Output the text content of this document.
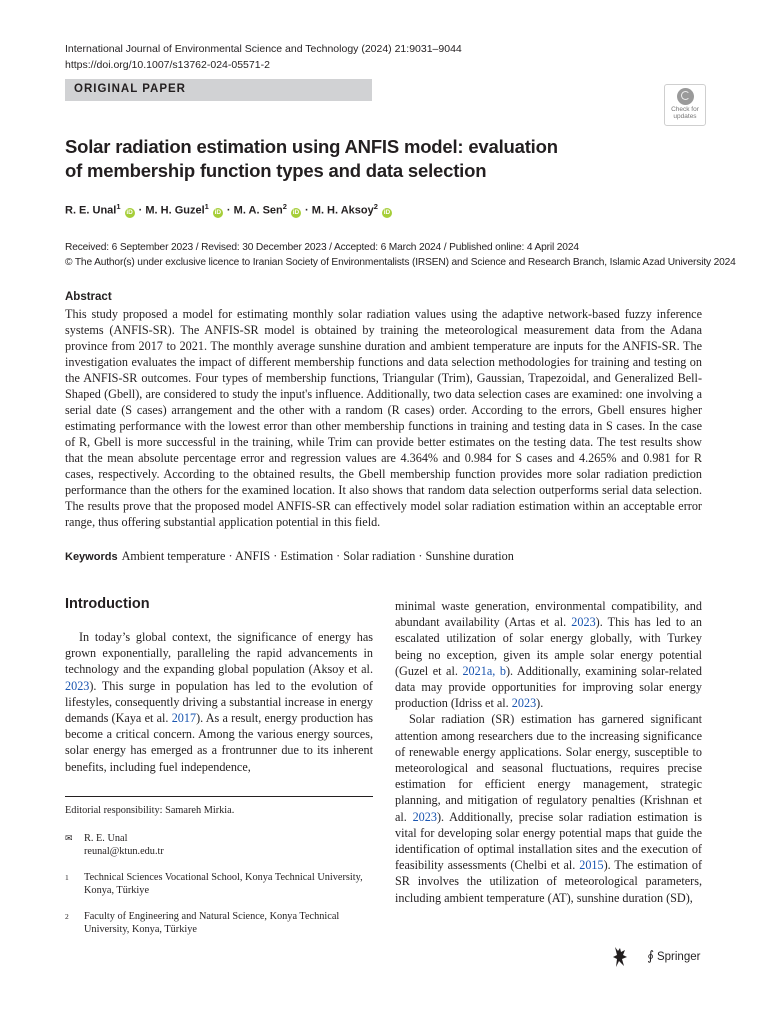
International Journal of Environmental Science and Technology (2024) 21:9031–9044
https://doi.org/10.1007/s13762-024-05571-2
ORIGINAL PAPER
Check for
updates
Solar radiation estimation using ANFIS model: evaluation
of membership function types and data selection
R. E. Unal$^1$ iD · M. H. Guzel$^1$ iD · M. A. Sen$^2$ iD · M. H. Aksoy$^2$ iD
Received: 6 September 2023 / Revised: 30 December 2023 / Accepted: 6 March 2024 / Published online: 4 April 2024
© The Author(s) under exclusive licence to Iranian Society of Environmentalists (IRSEN) and Science and Research Branch, Islamic Azad University 2024
Abstract
This study proposed a model for estimating monthly solar radiation values using the adaptive network-based fuzzy inference systems (ANFIS-SR). The ANFIS-SR model is obtained by training the meteorological measurement data from the Adana province from 2017 to 2021. The monthly average sunshine duration and ambient temperature are inputs for the ANFIS-SR. The investigation evaluates the impact of different membership functions and data selection methodologies for training and testing on the ANFIS-SR outcomes. Four types of membership functions, Triangular (Trim), Gaussian, Trapezoidal, and Generalized Bell-Shaped (Gbell), are considered to study the input's influence. Additionally, two data selection cases are examined: one involving a serial date (S cases) arrangement and the other with a random (R cases) order. According to the errors, Gbell ensures higher estimating performance with the lowest error than other membership functions in training and testing data in S cases. In the case of R, Gbell is more successful in the training, while Trim can provide better estimates on the testing data. The test results show that the mean absolute percentage error and regression values are 4.364% and 0.984 for S cases and 4.265% and 0.981 for R cases, respectively. According to the obtained results, the Gbell membership function provides more solar radiation prediction performance than the others for the examined location. It also shows that random data selection outperforms serial data selection. The results prove that the proposed model ANFIS-SR can effectively model solar radiation estimation within an acceptable error range, thus offering substantial application potential in this field.
Keywords Ambient temperature · ANFIS · Estimation · Solar radiation · Sunshine duration
Introduction

In today’s global context, the significance of energy has grown exponentially, paralleling the rapid advancements in technology and the expanding global population (Aksoy et al. 2023). This surge in population has led to the evolution of lifestyles, consequently driving a substantial increase in energy demands (Kaya et al. 2017). As a result, energy production has become a critical concern. Among the various energy sources, solar energy has emerged as a frontrunner due to its inherent benefits, including fuel independence,

minimal waste generation, environmental compatibility, and abundant availability (Artas et al. 2023). This has led to an escalated utilization of solar energy globally, with Turkey being no exception, given its ample solar energy potential (Guzel et al. 2021a, b). Additionally, examining solar-related data may provide opportunities for improving solar energy production (Idriss et al. 2023).

Solar radiation (SR) estimation has garnered significant attention among researchers due to the increasing significance of renewable energy applications. Solar energy, susceptible to meteorological and seasonal fluctuations, requires precise estimation for efficient energy management, strategic planning, and mitigation of regulatory penalties (Krishnan et al. 2023). Additionally, precise solar radiation estimation is vital for developing solar energy potential maps that guide the identification of optimal installation sites and the execution of feasibility assessments (Chelbi et al. 2015). The estimation of SR involves the utilization of meteorological parameters, including ambient temperature (AT), sunshine duration (SD),

Editorial responsibility: Samareh Mirkia.
✉ R. E. Unal
reunal@ktun.edu.tr
1 Technical Sciences Vocational School, Konya Technical University, Konya, Türkiye
2 Faculty of Engineering and Natural Science, Konya Technical University, Konya, Türkiye
∮ Springer
